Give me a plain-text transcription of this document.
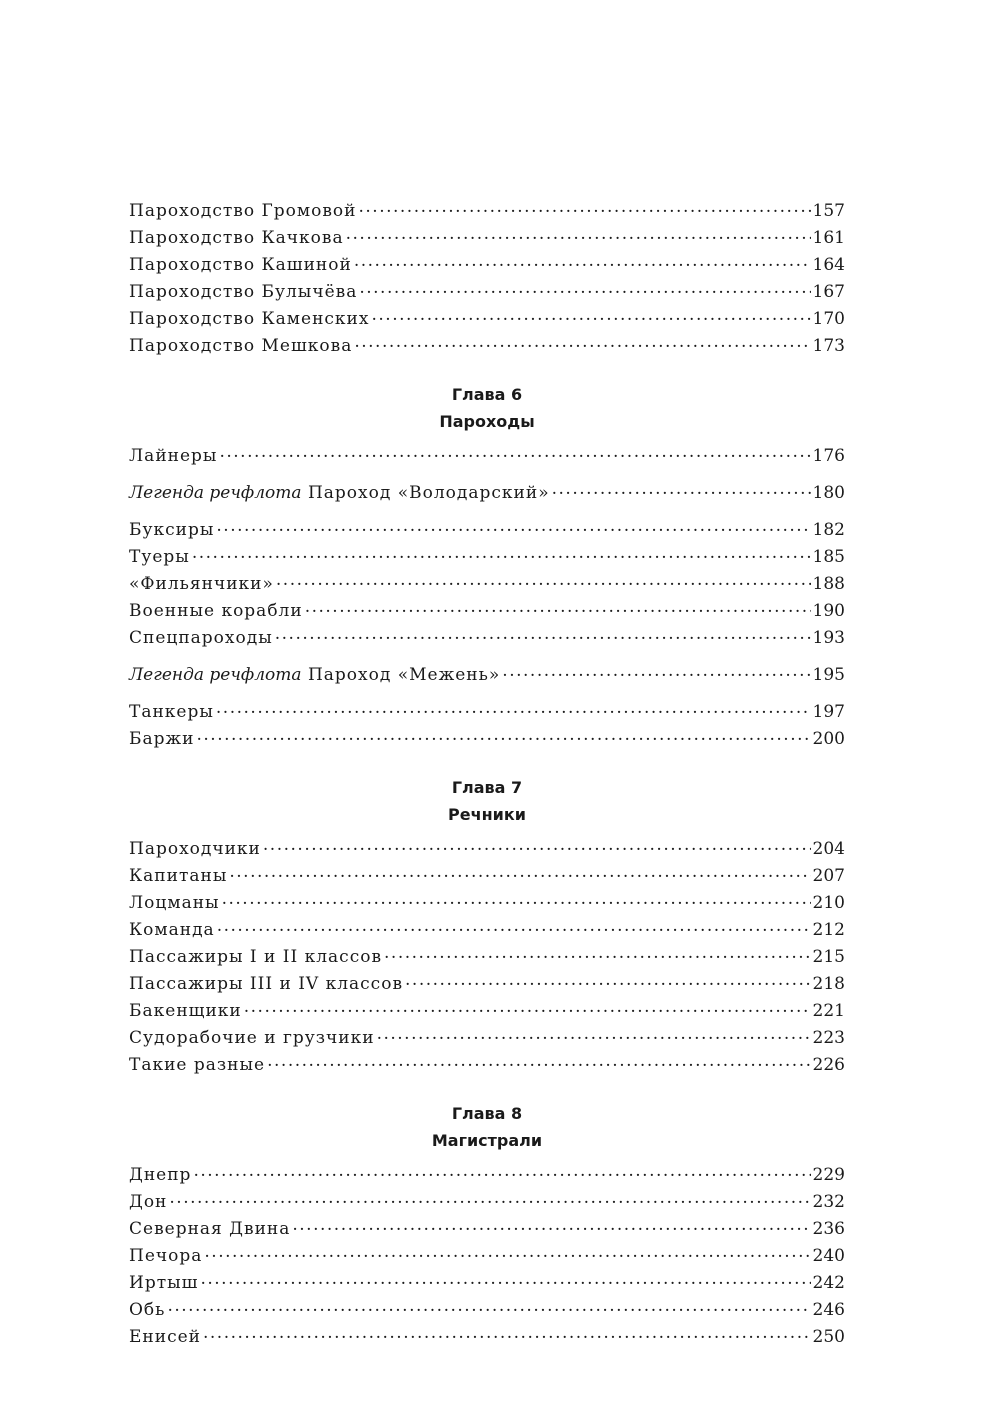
Пароходство Громовой .....	157
Пароходство Качкова .....	161
Пароходство Кашиной .....	164
Пароходство Булычёва .....	167
Пароходство Каменских .....	170
Пароходство Мешкова .....	173
Глава 6
Пароходы
Лайнеры .....	176
Легенда речфлота Пароход «Володарский» .....	180
Буксиры .....	182
Туеры .....	185
«Фильянчики» .....	188
Военные корабли .....	190
Спецпароходы .....	193
Легенда речфлота Пароход «Межень» .....	195
Танкеры .....	197
Баржи .....	200
Глава 7
Речники
Пароходчики .....	204
Капитаны .....	207
Лоцманы .....	210
Команда .....	212
Пассажиры I и II классов .....	215
Пассажиры III и IV классов .....	218
Бакенщики .....	221
Судорабочие и грузчики .....	223
Такие разные .....	226
Глава 8
Магистрали
Днепр .....	229
Дон .....	232
Северная Двина .....	236
Печора .....	240
Иртыш .....	242
Обь .....	246
Енисей .....	250
